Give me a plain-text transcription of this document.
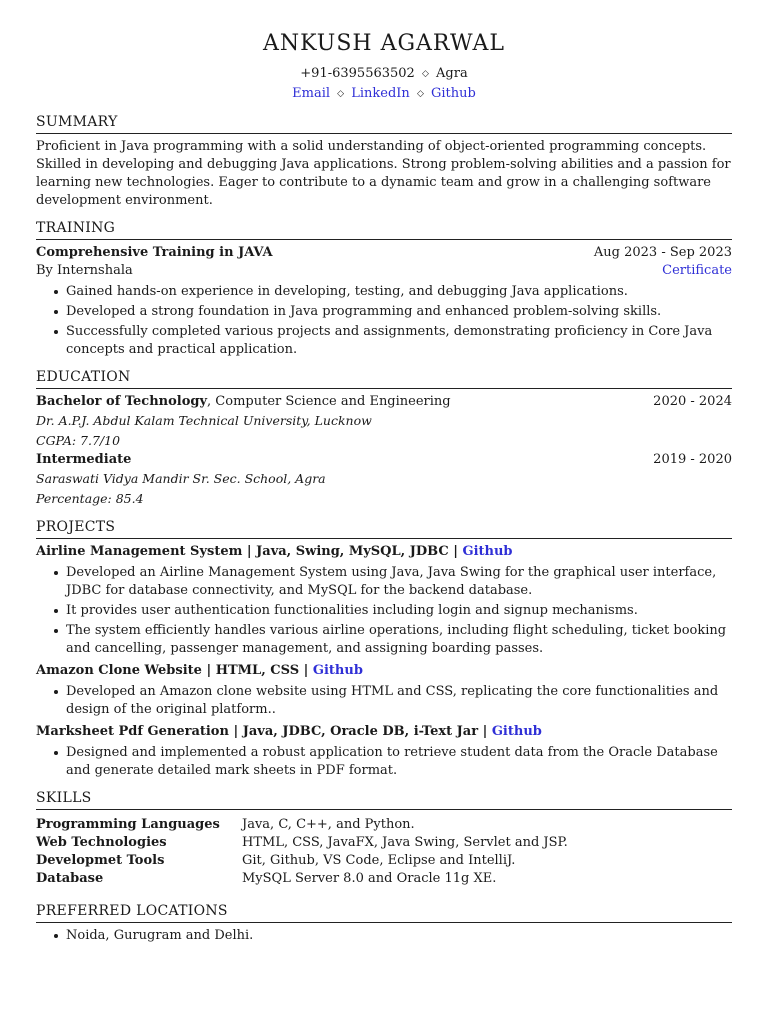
ANKUSH AGARWAL
+91-6395563502 ◇ Agra
Email ◇ LinkedIn ◇ Github
SUMMARY
Proficient in Java programming with a solid understanding of object-oriented programming concepts. Skilled in developing and debugging Java applications. Strong problem-solving abilities and a passion for learning new technologies. Eager to contribute to a dynamic team and grow in a challenging software development environment.
TRAINING
Comprehensive Training in JAVA	Aug 2023 - Sep 2023
By Internshala	Certificate
Gained hands-on experience in developing, testing, and debugging Java applications.
Developed a strong foundation in Java programming and enhanced problem-solving skills.
Successfully completed various projects and assignments, demonstrating proficiency in Core Java concepts and practical application.
EDUCATION
Bachelor of Technology, Computer Science and Engineering	2020 - 2024
Dr. A.P.J. Abdul Kalam Technical University, Lucknow
CGPA: 7.7/10
Intermediate	2019 - 2020
Saraswati Vidya Mandir Sr. Sec. School, Agra
Percentage: 85.4
PROJECTS
Airline Management System | Java, Swing, MySQL, JDBC | Github
Developed an Airline Management System using Java, Java Swing for the graphical user interface, JDBC for database connectivity, and MySQL for the backend database.
It provides user authentication functionalities including login and signup mechanisms.
The system efficiently handles various airline operations, including flight scheduling, ticket booking and cancelling, passenger management, and assigning boarding passes.
Amazon Clone Website | HTML, CSS | Github
Developed an Amazon clone website using HTML and CSS, replicating the core functionalities and design of the original platform..
Marksheet Pdf Generation | Java, JDBC, Oracle DB, i-Text Jar | Github
Designed and implemented a robust application to retrieve student data from the Oracle Database and generate detailed mark sheets in PDF format.
SKILLS
Programming Languages	Java, C, C++, and Python.
Web Technologies	HTML, CSS, JavaFX, Java Swing, Servlet and JSP.
Developmet Tools	Git, Github, VS Code, Eclipse and IntelliJ.
Database	MySQL Server 8.0 and Oracle 11g XE.
PREFERRED LOCATIONS
Noida, Gurugram and Delhi.
